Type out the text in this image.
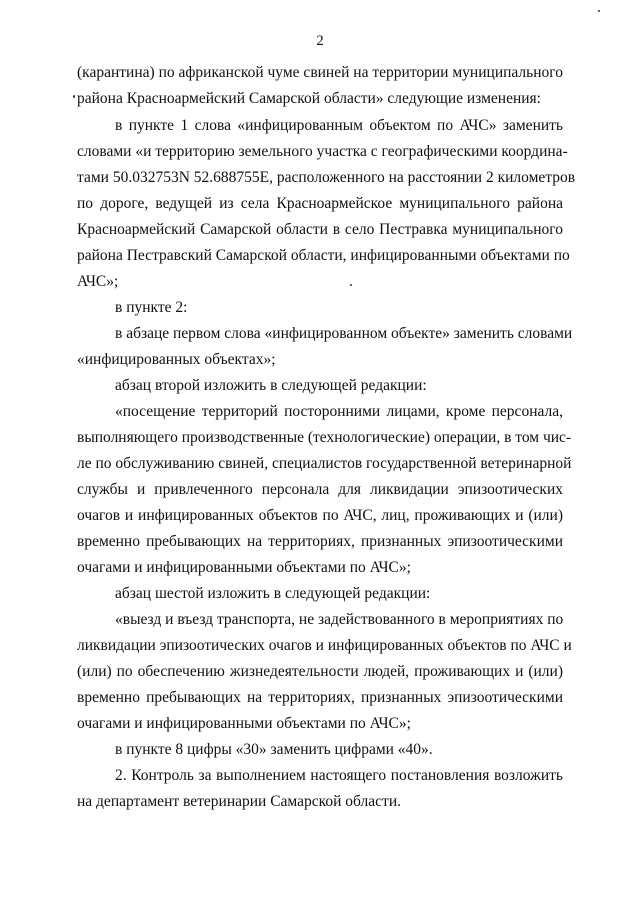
2
(карантина) по африканской чуме свиней на территории муниципального
района Красноармейский Самарской области» следующие изменения:
в пункте 1 слова «инфицированным объектом по АЧС» заменить
словами «и территорию земельного участка с географическими координа-
тами 50.032753N 52.688755E, расположенного на расстоянии 2 километров
по дороге, ведущей из села Красноармейское муниципального района
Красноармейский Самарской области в село Пестравка муниципального
района Пестравский Самарской области, инфицированными объектами по
АЧС»;
в пункте 2:
в абзаце первом слова «инфицированном объекте» заменить словами
«инфицированных объектах»;
абзац второй изложить в следующей редакции:
«посещение территорий посторонними лицами, кроме персонала,
выполняющего производственные (технологические) операции, в том чис-
ле по обслуживанию свиней, специалистов государственной ветеринарной
службы и привлеченного персонала для ликвидации эпизоотических
очагов и инфицированных объектов по АЧС, лиц, проживающих и (или)
временно пребывающих на территориях, признанных эпизоотическими
очагами и инфицированными объектами по АЧС»;
абзац шестой изложить в следующей редакции:
«выезд и въезд транспорта, не задействованного в мероприятиях по
ликвидации эпизоотических очагов и инфицированных объектов по АЧС и
(или) по обеспечению жизнедеятельности людей, проживающих и (или)
временно пребывающих на территориях, признанных эпизоотическими
очагами и инфицированными объектами по АЧС»;
в пункте 8 цифры «30» заменить цифрами «40».
2. Контроль за выполнением настоящего постановления возложить
на департамент ветеринарии Самарской области.
